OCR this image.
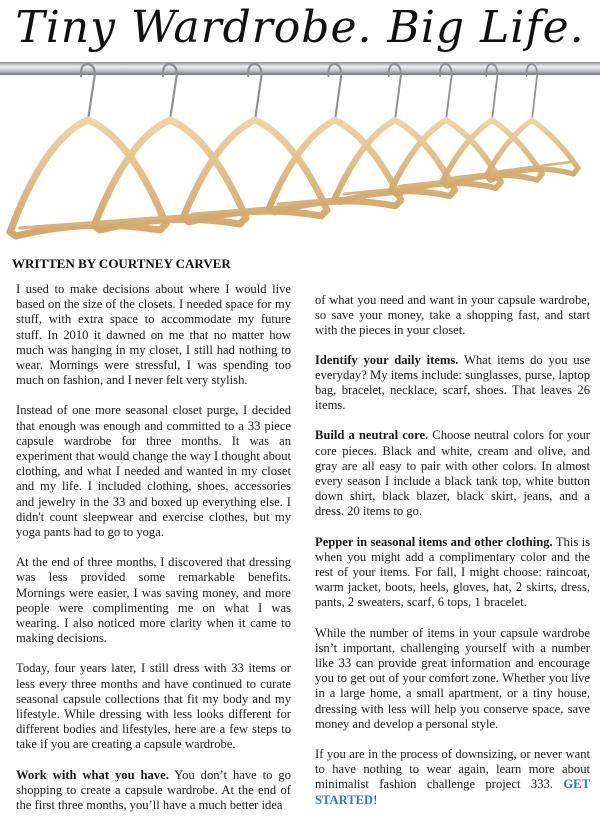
Tiny Wardrobe. Big Life.
WRITTEN BY COURTNEY CARVER

I used to make decisions about where I would live based on the size of the closets. I needed space for my stuff, with extra space to accommodate my future stuff. In 2010 it dawned on me that no matter how much was hanging in my closet, I still had nothing to wear. Mornings were stressful, I was spending too much on fashion, and I never felt very stylish.

Instead of one more seasonal closet purge, I decided that enough was enough and committed to a 33 piece capsule wardrobe for three months. It was an experiment that would change the way I thought about clothing, and what I needed and wanted in my closet and my life. I included clothing, shoes, accessories and jewelry in the 33 and boxed up everything else. I didn't count sleepwear and exercise clothes, but my yoga pants had to go to yoga.

At the end of three months, I discovered that dressing was less provided some remarkable benefits. Mornings were easier, I was saving money, and more people were complimenting me on what I was wearing. I also noticed more clarity when it came to making decisions.

Today, four years later, I still dress with 33 items or less every three months and have continued to curate seasonal capsule collections that fit my body and my lifestyle. While dressing with less looks different for different bodies and lifestyles, here are a few steps to take if you are creating a capsule wardrobe.

Work with what you have. You don’t have to go shopping to create a capsule wardrobe. At the end of the first three months, you’ll have a much better idea

of what you need and want in your capsule wardrobe, so save your money, take a shopping fast, and start with the pieces in your closet.

Identify your daily items. What items do you use everyday? My items include: sunglasses, purse, laptop bag, bracelet, necklace, scarf, shoes. That leaves 26 items.

Build a neutral core. Choose neutral colors for your core pieces. Black and white, cream and olive, and gray are all easy to pair with other colors. In almost every season I include a black tank top, white button down shirt, black blazer, black skirt, jeans, and a dress. 20 items to go.

Pepper in seasonal items and other clothing. This is when you might add a complimentary color and the rest of your items. For fall, I might choose: raincoat, warm jacket, boots, heels, gloves, hat, 2 skirts, dress, pants, 2 sweaters, scarf, 6 tops, 1 bracelet.

While the number of items in your capsule wardrobe isn’t important, challenging yourself with a number like 33 can provide great information and encourage you to get out of your comfort zone. Whether you live in a large home, a small apartment, or a tiny house, dressing with less will help you conserve space, save money and develop a personal style.

If you are in the process of downsizing, or never want to have nothing to wear again, learn more about minimalist fashion challenge project 333. GET STARTED!
